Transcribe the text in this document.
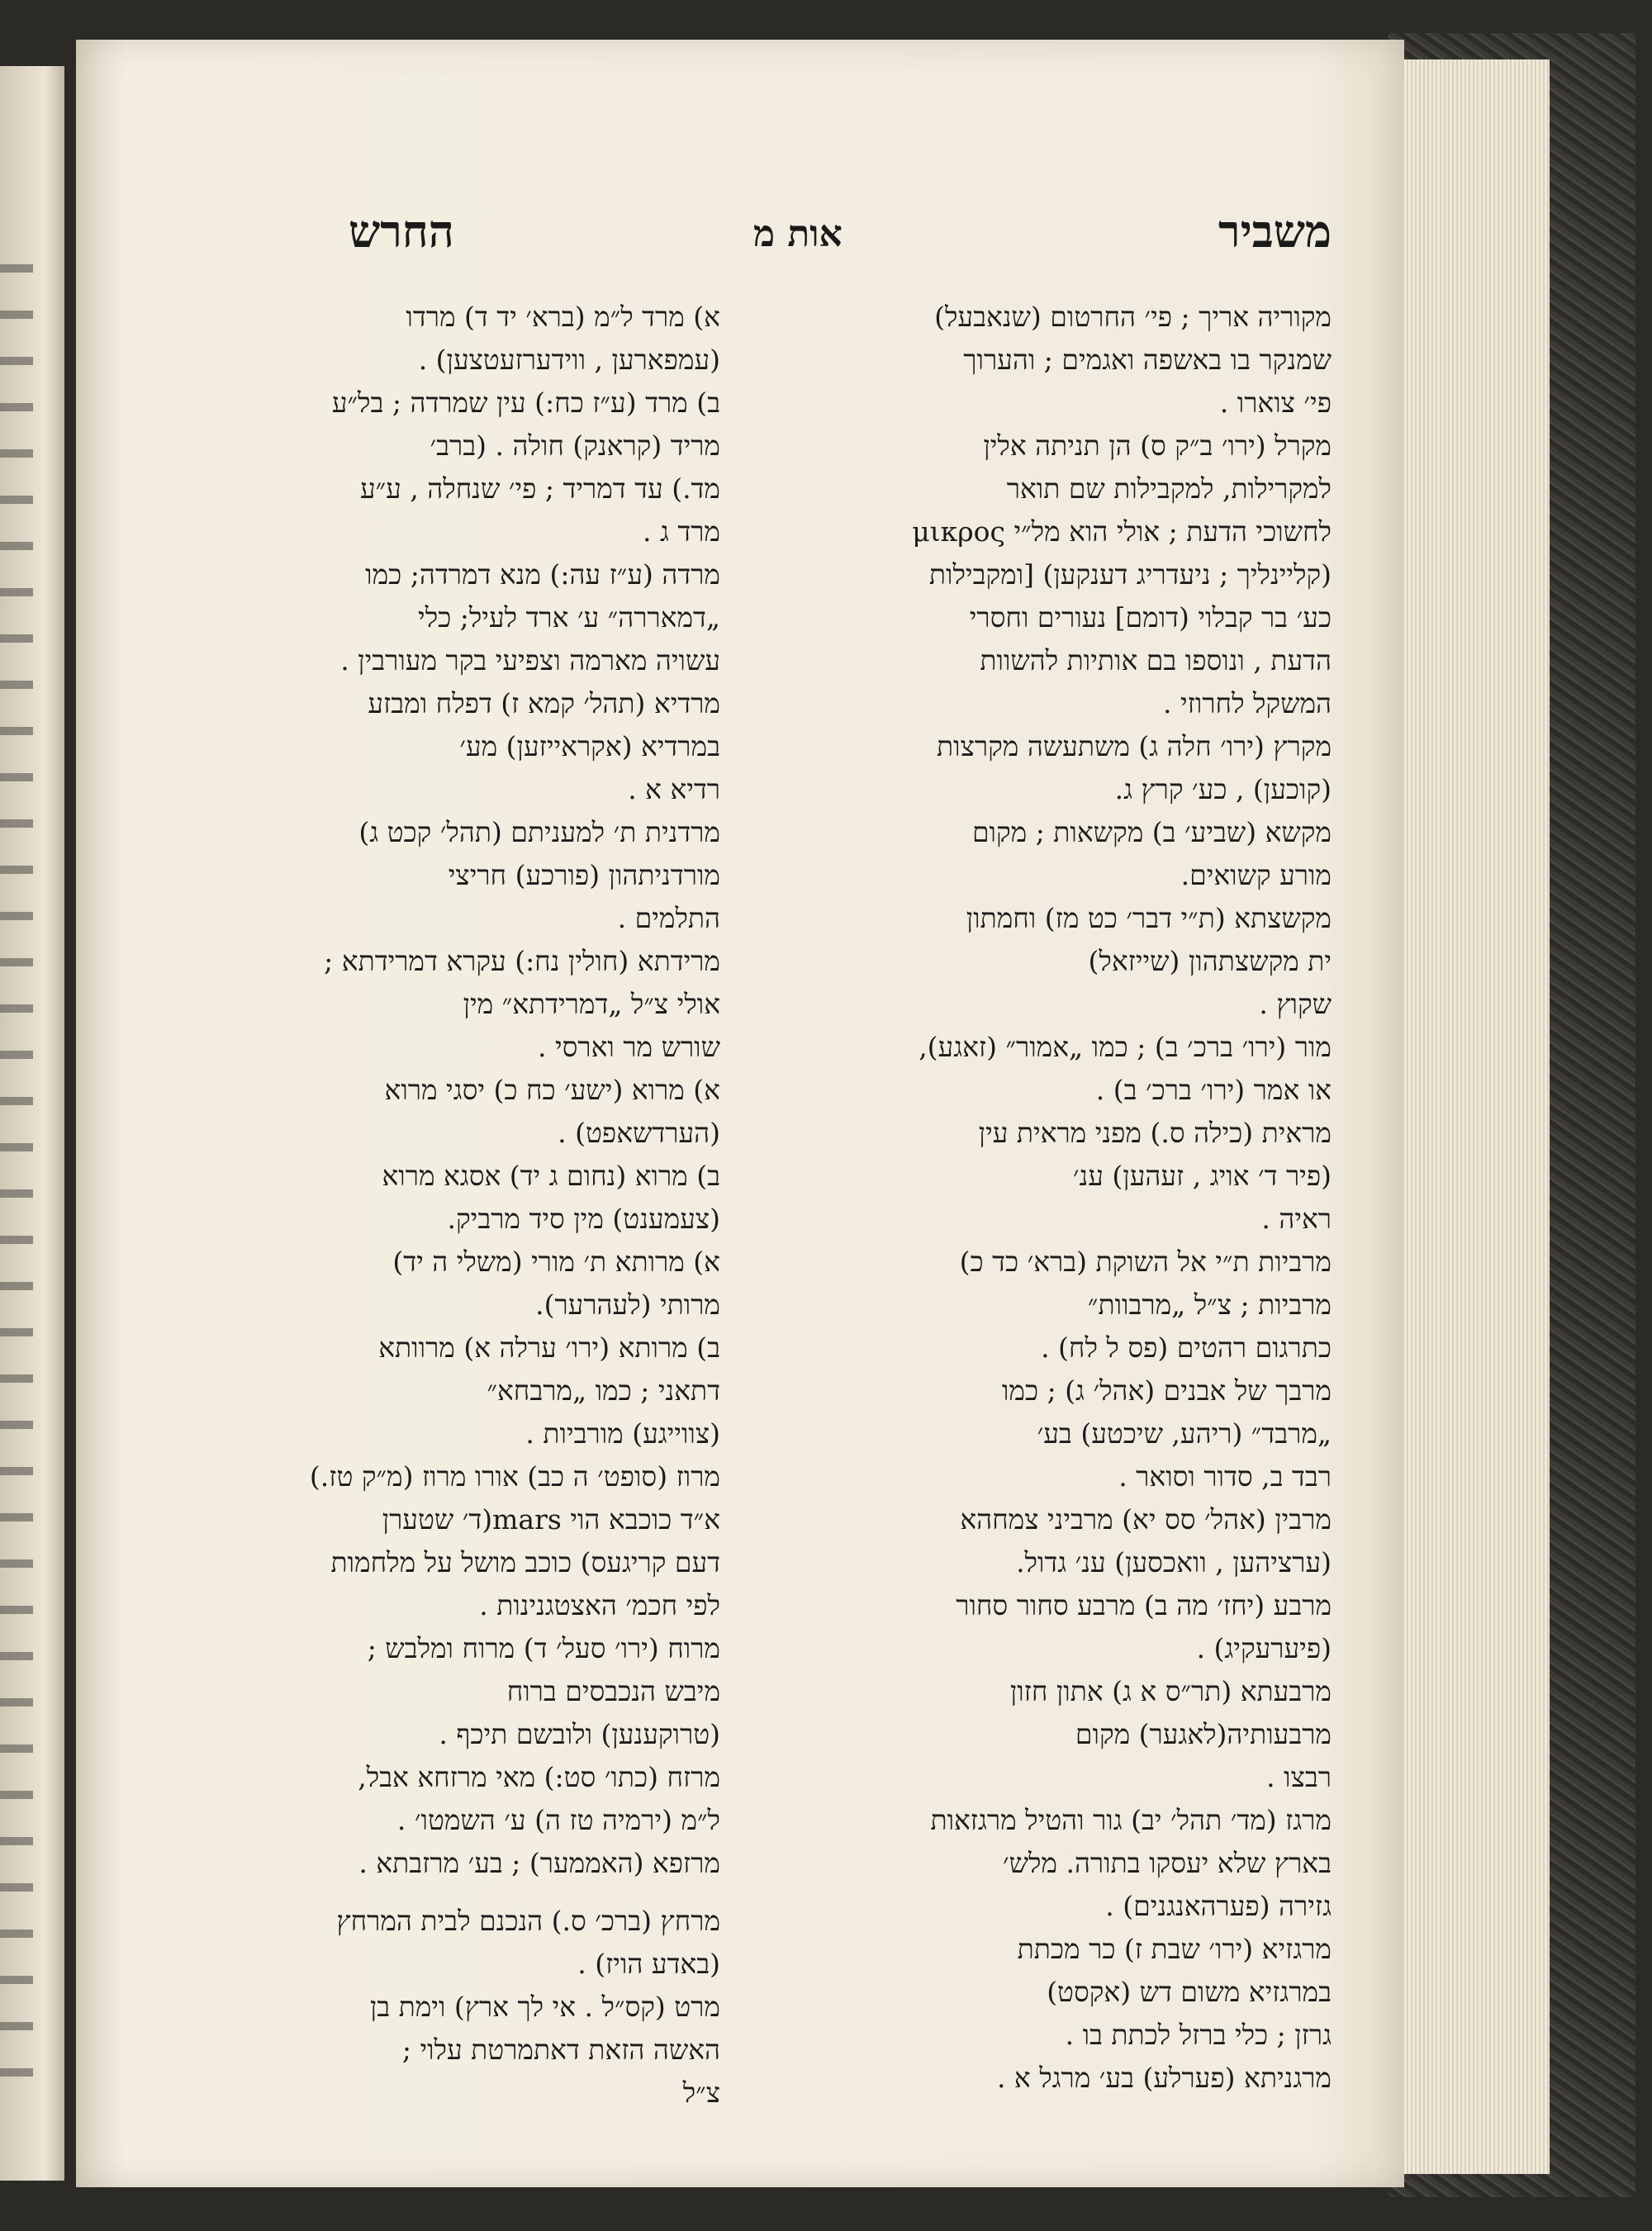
משביר
אות מ
החרש
מקוריה אריך ; פי׳ החרטום (שנאבעל)
שמנקר בו באשפה ואגמים ; והערוך
פי׳ צוארו .
מקרל (ירו׳ ב״ק ס) הן תניתה אלין
למקרילות, למקבילות שם תואר
לחשוכי הדעת ; אולי הוא מל״י μικρος
(קליינליך ; ניעדריג דענקען) [ומקבילות
כע׳ בר קבלוי (דומם] נעורים וחסרי
הדעת , ונוספו בם אותיות להשוות
המשקל לחרוזי .
מקרץ (ירו׳ חלה ג) משתעשה מקרצות
(קוכען) , כע׳ קרץ ג.
מקשא (שביע׳ ב) מקשאות ; מקום
מורע קשואים.
מקשצתא (ת״י דבר׳ כט מז) וחמתון
ית מקשצתהון (שייזאל)
שקוץ .
מור (ירו׳ ברכ׳ ב) ; כמו „אמור״ (זאגע),
או אמר (ירו׳ ברכ׳ ב) .
מראית (כילה ס.) מפני מראית עין
(פיר ד׳ אויג , זעהען) ענ׳
ראיה .
מרביות ת״י אל השוקת (ברא׳ כד כ)
מרביות ; צ״ל „מרבוות״
כתרגום רהטים (פס ל לח) .
מרבך של אבנים (אהל׳ ג) ; כמו
„מרבד״ (ריהע, שיכטע) בע׳
רבד ב, סדור וסואר .
מרבין (אהל׳ סס יא) מרביני צמחהא
(ערציהען , וואכסען) ענ׳ גדול.
מרבע (יחז׳ מה ב) מרבע סחור סחור
(פיערעקיג) .
מרבעתא (תר״ס א ג) אתון חזון
מרבעותיה(לאגער) מקום
רבצו .
מרגז (מד׳ תהל׳ יב) גור והטיל מרגזאות
בארץ שלא יעסקו בתורה. מלש׳
גזירה (פערהאנגנים) .
מרגזיא (ירו׳ שבת ז) כר מכתת
במרגזיא משום דש (אקסט)
גרזן ; כלי ברזל לכתת בו .
מרגניתא (פערלע) בע׳ מרגל א .
א) מרד ל״מ (ברא׳ יד ד) מרדו
(עמפארען , ווידערזעטצען) .
ב) מרד (ע״ז כח:) עין שמרדה ; בל״ע
מריד (קראנק) חולה . (ברב׳
מד.) עד דמריד ; פי׳ שנחלה , ע״ע
מרד ג .
מרדה (ע״ז עה:) מנא דמרדה; כמו
„דמאררה״ ע׳ ארד לעיל; כלי
עשויה מארמה וצפיעי בקר מעורבין .
מרדיא (תהל׳ קמא ז) דפלח ומבזע
במרדיא (אקראייזען) מע׳
רדיא א .
מרדנית ת׳ למעניתם (תהל׳ קכט ג)
מורדניתהון (פורכע) חריצי
התלמים .
מרידתא (חולין נח:) עקרא דמרידתא ;
אולי צ״ל „דמרידתא״ מין
שורש מר וארסי .
א) מרוא (ישע׳ כח כ) יסגי מרוא
(הערדשאפט) .
ב) מרוא (נחום ג יד) אסגא מרוא
(צעמענט) מין סיד מרביק.
א) מרותא ת׳ מורי (משלי ה יד)
מרותי (לעהרער).
ב) מרותא (ירו׳ ערלה א) מרוותא
דתאני ; כמו „מרבחא״
(צווייגע) מורביות .
מרוז (סופט׳ ה כב) אורו מרוז (מ״ק טז.)
א״ד כוכבא הוי mars(ד׳ שטערן
דעם קריגעס) כוכב מושל על מלחמות
לפי חכמ׳ האצטגנינות .
מרוח (ירו׳ סעל׳ ד) מרוח ומלבש ;
מיבש הנכבסים ברוח
(טרוקענען) ולובשם תיכף .
מרזח (כתו׳ סט:) מאי מרזחא אבל,
ל״מ (ירמיה טז ה) ע׳ השמטו׳ .
מרזפא (האממער) ; בע׳ מרזבתא .
מרחץ (ברכ׳ ס.) הנכנם לבית המרחץ
(באדע הויז) .
מרט (קס״ל . אי לך ארץ) וימת בן
האשה הזאת דאתמרטת עלוי ;
צ״ל
